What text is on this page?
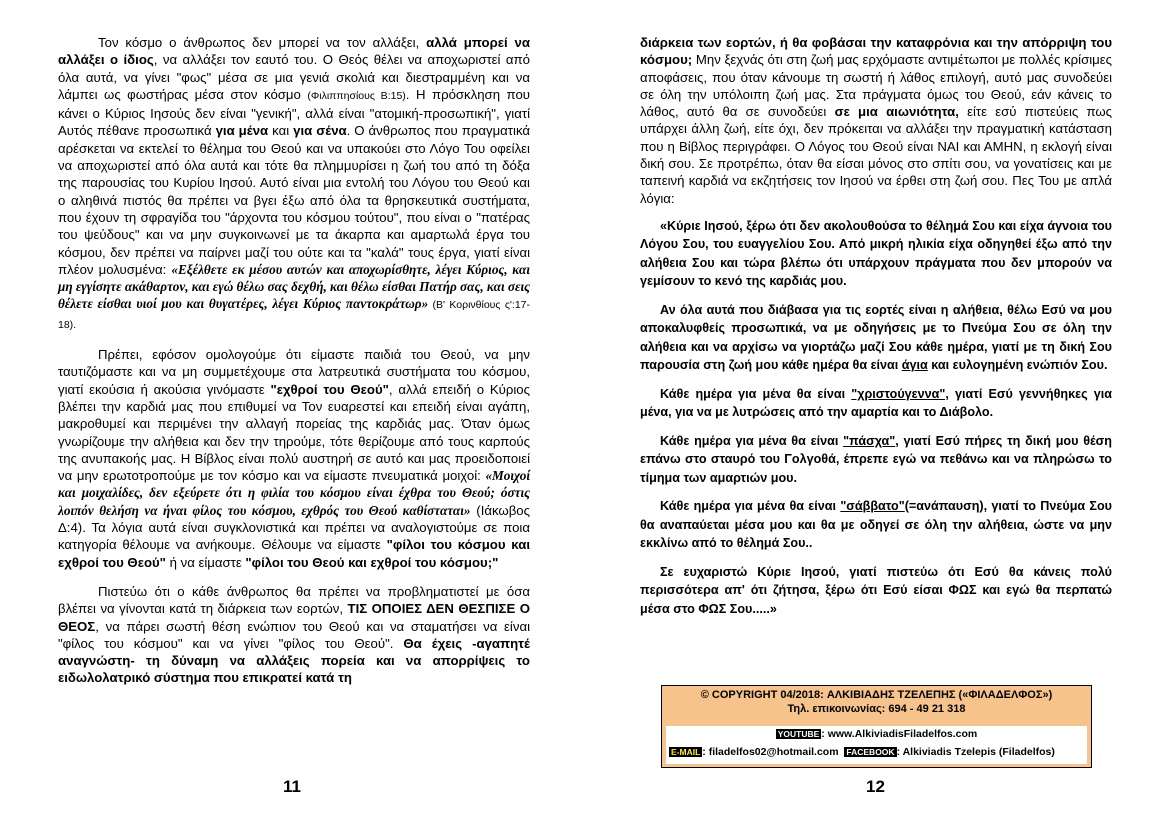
Τον κόσμο ο άνθρωπος δεν μπορεί να τον αλλάξει, αλλά μπορεί να αλλάξει ο ίδιος, να αλλάξει τον εαυτό του. Ο Θεός θέλει να αποχωριστεί από όλα αυτά, να γίνει "φως" μέσα σε μια γενιά σκολιά και διεστραμμένη και να λάμπει ως φωστήρας μέσα στον κόσμο (Φιλιππησίους Β:15). Η πρόσκληση που κάνει ο Κύριος Ιησούς δεν είναι "γενική", αλλά είναι "ατομική-προσωπική", γιατί Αυτός πέθανε προσωπικά για μένα και για σένα. Ο άνθρωπος που πραγματικά αρέσκεται να εκτελεί το θέλημα του Θεού και να υπακούει στο Λόγο Του οφείλει να αποχωριστεί από όλα αυτά και τότε θα πλημμυρίσει η ζωή του από τη δόξα της παρουσίας του Κυρίου Ιησού. Αυτό είναι μια εντολή του Λόγου του Θεού και ο αληθινά πιστός θα πρέπει να βγει έξω από όλα τα θρησκευτικά συστήματα, που έχουν τη σφραγίδα του "άρχοντα του κόσμου τούτου", που είναι ο "πατέρας του ψεύδους" και να μην συγκοινωνεί με τα άκαρπα και αμαρτωλά έργα του κόσμου, δεν πρέπει να παίρνει μαζί του ούτε και τα "καλά" τους έργα, γιατί είναι πλέον μολυσμένα: «Εξέλθετε εκ μέσου αυτών και αποχωρίσθητε, λέγει Κύριος, και μη εγγίσητε ακάθαρτον, και εγώ θέλω σας δεχθή, και θέλω είσθαι Πατήρ σας, και σεις θέλετε είσθαι υιοί μου και θυγατέρες, λέγει Κύριος παντοκράτωρ» (Β' Κορινθίους ς':17-18).

Πρέπει, εφόσον ομολογούμε ότι είμαστε παιδιά του Θεού, να μην ταυτιζόμαστε και να μη συμμετέχουμε στα λατρευτικά συστήματα του κόσμου, γιατί εκούσια ή ακούσια γινόμαστε "εχθροί του Θεού", αλλά επειδή ο Κύριος βλέπει την καρδιά μας που επιθυμεί να Τον ευαρεστεί και επειδή είναι αγάπη, μακροθυμεί και περιμένει την αλλαγή πορείας της καρδιάς μας. Όταν όμως γνωρίζουμε την αλήθεια και δεν την τηρούμε, τότε θερίζουμε από τους καρπούς της ανυπακοής μας. Η Βίβλος είναι πολύ αυστηρή σε αυτό και μας προειδοποιεί να μην ερωτοτροπούμε με τον κόσμο και να είμαστε πνευματικά μοιχοί: «Μοιχοί και μοιχαλίδες, δεν εξεύρετε ότι η φιλία του κόσμου είναι έχθρα του Θεού; όστις λοιπόν θελήση να ήναι φίλος του κόσμου, εχθρός του Θεού καθίσταται» (Ιάκωβος Δ:4). Τα λόγια αυτά είναι συγκλονιστικά και πρέπει να αναλογιστούμε σε ποια κατηγορία θέλουμε να ανήκουμε. Θέλουμε να είμαστε "φίλοι του κόσμου και εχθροί του Θεού" ή να είμαστε "φίλοι του Θεού και εχθροί του κόσμου;"

Πιστεύω ότι ο κάθε άνθρωπος θα πρέπει να προβληματιστεί με όσα βλέπει να γίνονται κατά τη διάρκεια των εορτών, ΤΙΣ ΟΠΟΙΕΣ ΔΕΝ ΘΕΣΠΙΣΕ Ο ΘΕΟΣ, να πάρει σωστή θέση ενώπιον του Θεού και να σταματήσει να είναι "φίλος του κόσμου" και να γίνει "φίλος του Θεού". Θα έχεις -αγαπητέ αναγνώστη- τη δύναμη να αλλάξεις πορεία και να απορρίψεις το ειδωλολατρικό σύστημα που επικρατεί κατά τη

11

διάρκεια των εορτών, ή θα φοβάσαι την καταφρόνια και την απόρριψη του κόσμου; Μην ξεχνάς ότι στη ζωή μας ερχόμαστε αντιμέτωποι με πολλές κρίσιμες αποφάσεις, που όταν κάνουμε τη σωστή ή λάθος επιλογή, αυτό μας συνοδεύει σε όλη την υπόλοιπη ζωή μας. Στα πράγματα όμως του Θεού, εάν κάνεις το λάθος, αυτό θα σε συνοδεύει σε μια αιωνιότητα, είτε εσύ πιστεύεις πως υπάρχει άλλη ζωή, είτε όχι, δεν πρόκειται να αλλάξει την πραγματική κατάσταση που η Βίβλος περιγράφει. Ο Λόγος του Θεού είναι ΝΑΙ και ΑΜΗΝ, η εκλογή είναι δική σου. Σε προτρέπω, όταν θα είσαι μόνος στο σπίτι σου, να γονατίσεις και με ταπεινή καρδιά να εκζητήσεις τον Ιησού να έρθει στη ζωή σου. Πες Του με απλά λόγια:

«Κύριε Ιησού, ξέρω ότι δεν ακολουθούσα το θέλημά Σου και είχα άγνοια του Λόγου Σου, του ευαγγελίου Σου. Από μικρή ηλικία είχα οδηγηθεί έξω από την αλήθεια Σου και τώρα βλέπω ότι υπάρχουν πράγματα που δεν μπορούν να γεμίσουν το κενό της καρδιάς μου.

Αν όλα αυτά που διάβασα για τις εορτές είναι η αλήθεια, θέλω Εσύ να μου αποκαλυφθείς προσωπικά, να με οδηγήσεις με το Πνεύμα Σου σε όλη την αλήθεια και να αρχίσω να γιορτάζω μαζί Σου κάθε ημέρα, γιατί με τη δική Σου παρουσία στη ζωή μου κάθε ημέρα θα είναι άγια και ευλογημένη ενώπιόν Σου.

Κάθε ημέρα για μένα θα είναι "χριστούγεννα", γιατί Εσύ γεννήθηκες για μένα, για να με λυτρώσεις από την αμαρτία και το Διάβολο.

Κάθε ημέρα για μένα θα είναι "πάσχα", γιατί Εσύ πήρες τη δική μου θέση επάνω στο σταυρό του Γολγοθά, έπρεπε εγώ να πεθάνω και να πληρώσω το τίμημα των αμαρτιών μου.

Κάθε ημέρα για μένα θα είναι "σάββατο"(=ανάπαυση), γιατί το Πνεύμα Σου θα αναπαύεται μέσα μου και θα με οδηγεί σε όλη την αλήθεια, ώστε να μην εκκλίνω από το θέλημά Σου..

Σε ευχαριστώ Κύριε Ιησού, γιατί πιστεύω ότι Εσύ θα κάνεις πολύ περισσότερα απ' ότι ζήτησα, ξέρω ότι Εσύ είσαι ΦΩΣ και εγώ θα περπατώ μέσα στο ΦΩΣ Σου.....»

© COPYRIGHT 04/2018: ΑΛΚΙΒΙΑΔΗΣ ΤΖΕΛΕΠΗΣ («ΦΙΛΑΔΕΛΦΟΣ»)
Τηλ. επικοινωνίας: 694 - 49 21 318
YOUTUBE : www.AlkiviadisFiladelfos.com
E-MAIL : filadelfos02@hotmail.com FACEBOOK : Alkiviadis Tzelepis (Filadelfos)
12
